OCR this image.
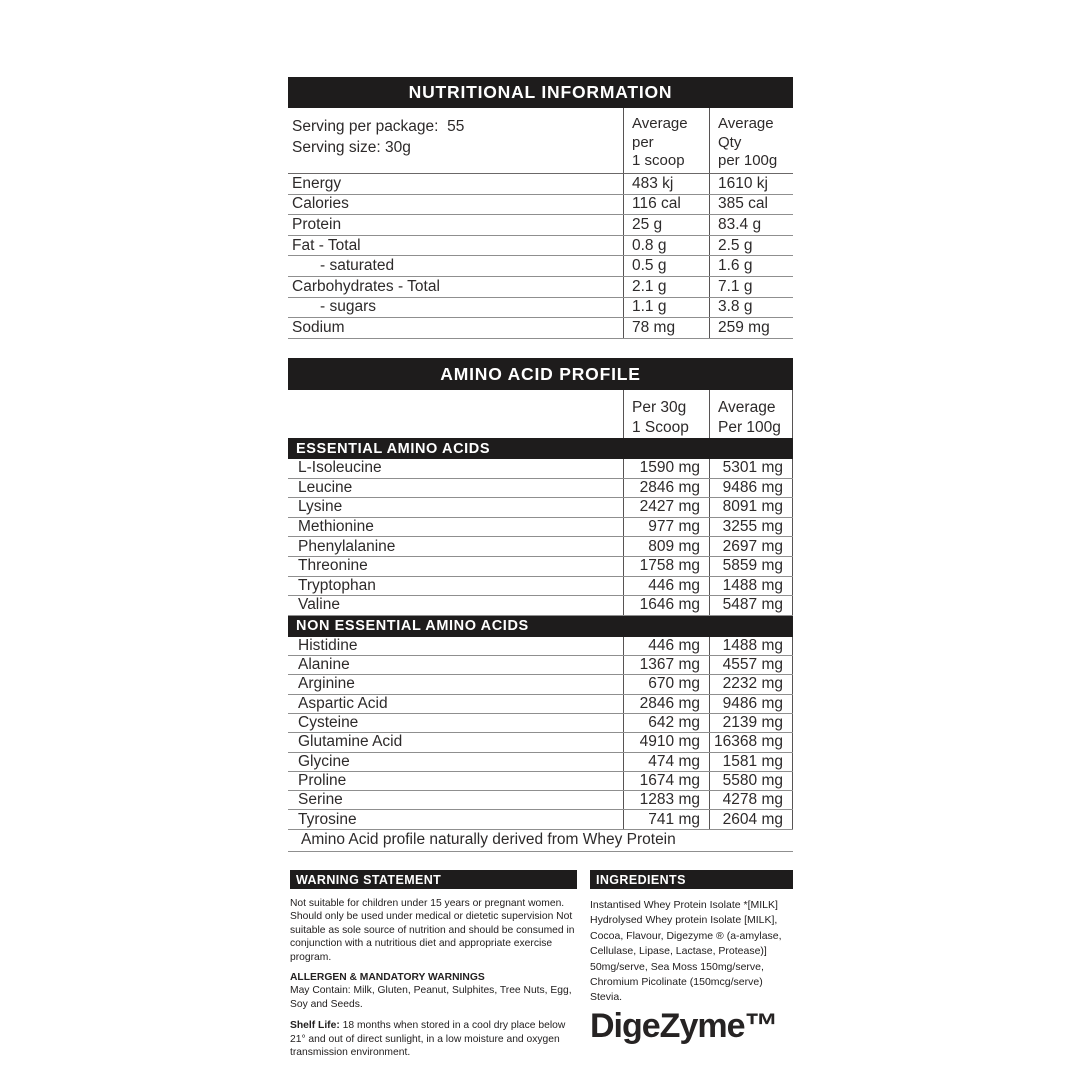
NUTRITIONAL INFORMATION
Serving per package:  55
Serving size: 30g
Average
per
1 scoop
Average
Qty
per 100g
Energy	483 kj	1610 kj
Calories	116 cal	385 cal
Protein	25 g	83.4 g
Fat - Total	0.8 g	2.5 g
- saturated	0.5 g	1.6 g
Carbohydrates - Total	2.1 g	7.1 g
- sugars	1.1 g	3.8 g
Sodium	78 mg	259 mg
AMINO ACID PROFILE
Per 30g
1 Scoop
Average
Per 100g
ESSENTIAL AMINO ACIDS
L-Isoleucine	1590 mg	5301 mg
Leucine	2846 mg	9486 mg
Lysine	2427 mg	8091 mg
Methionine	977 mg	3255 mg
Phenylalanine	809 mg	2697 mg
Threonine	1758 mg	5859 mg
Tryptophan	446 mg	1488 mg
Valine	1646 mg	5487 mg
NON ESSENTIAL AMINO ACIDS
Histidine	446 mg	1488 mg
Alanine	1367 mg	4557 mg
Arginine	670 mg	2232 mg
Aspartic Acid	2846 mg	9486 mg
Cysteine	642 mg	2139 mg
Glutamine Acid	4910 mg 16368 mg
Glycine	474 mg	1581 mg
Proline	1674 mg	5580 mg
Serine	1283 mg	4278 mg
Tyrosine	741 mg	2604 mg
Amino Acid profile naturally derived from Whey Protein
WARNING STATEMENT

Not suitable for children under 15 years or pregnant women. Should only be used under medical or dietetic supervision Not suitable as sole source of nutrition and should be consumed in conjunction with a nutritious diet and appropriate exercise program.

ALLERGEN & MANDATORY WARNINGS

May Contain: Milk, Gluten, Peanut, Sulphites, Tree Nuts, Egg, Soy and Seeds.

Shelf Life: 18 months when stored in a cool dry place below 21° and out of direct sunlight, in a low moisture and oxygen transmission environment.

INGREDIENTS

Instantised Whey Protein Isolate *[MILK] Hydrolysed Whey protein Isolate [MILK], Cocoa, Flavour, Digezyme ® (a-amylase, Cellulase, Lipase, Lactase, Protease)] 50mg/serve, Sea Moss 150mg/serve, Chromium Picolinate (150mcg/serve) Stevia.

DigeZyme™
